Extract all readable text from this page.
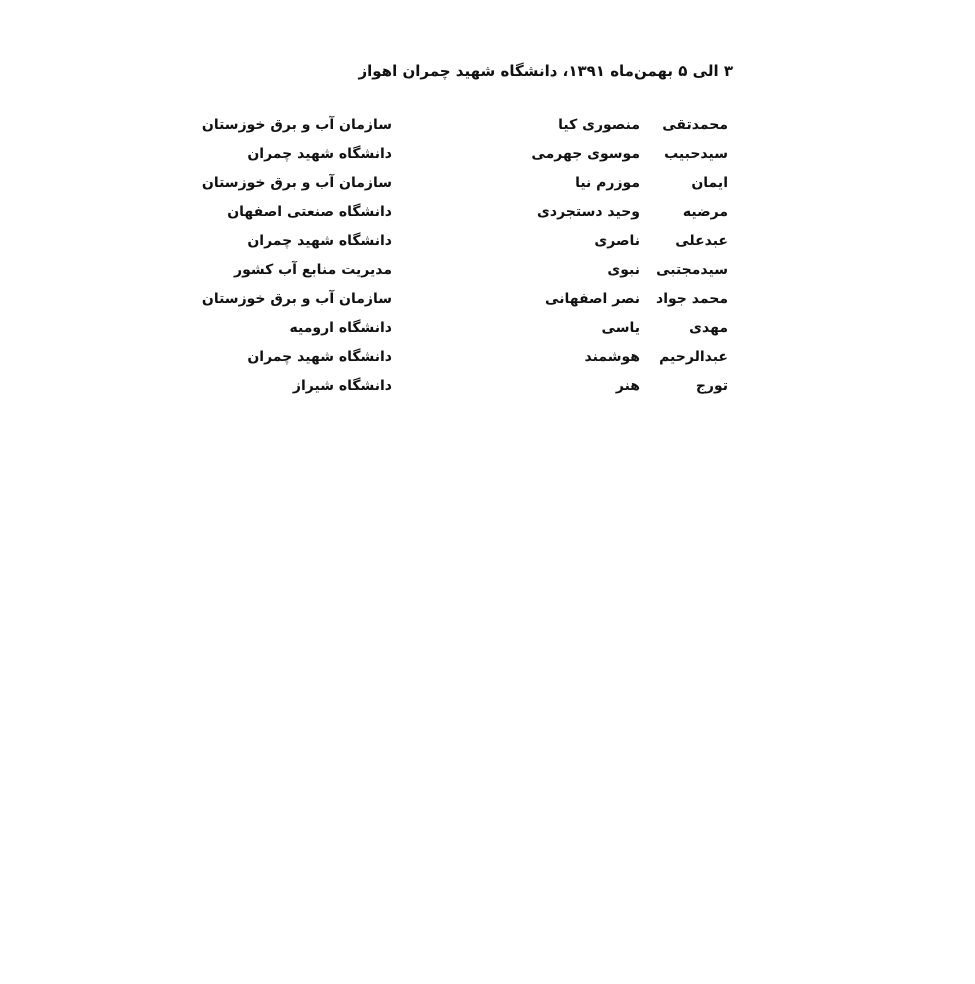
۳ الی ۵ بهمن‌ماه ۱۳۹۱، دانشگاه شهید چمران اهواز
محمدتقی
منصوری کیا
سازمان آب و برق خوزستان
سیدحبیب
موسوی جهرمی
دانشگاه شهید چمران
ایمان
موزرم نیا
سازمان آب و برق خوزستان
مرضیه
وحید دستجردی
دانشگاه صنعتی اصفهان
عبدعلی
ناصری
دانشگاه شهید چمران
سیدمجتبی
نبوی
مدیریت منابع آب کشور
محمد جواد
نصر اصفهانی
سازمان آب و برق خوزستان
مهدی
یاسی
دانشگاه ارومیه
عبدالرحیم
هوشمند
دانشگاه شهید چمران
تورج
هنر
دانشگاه شیراز
